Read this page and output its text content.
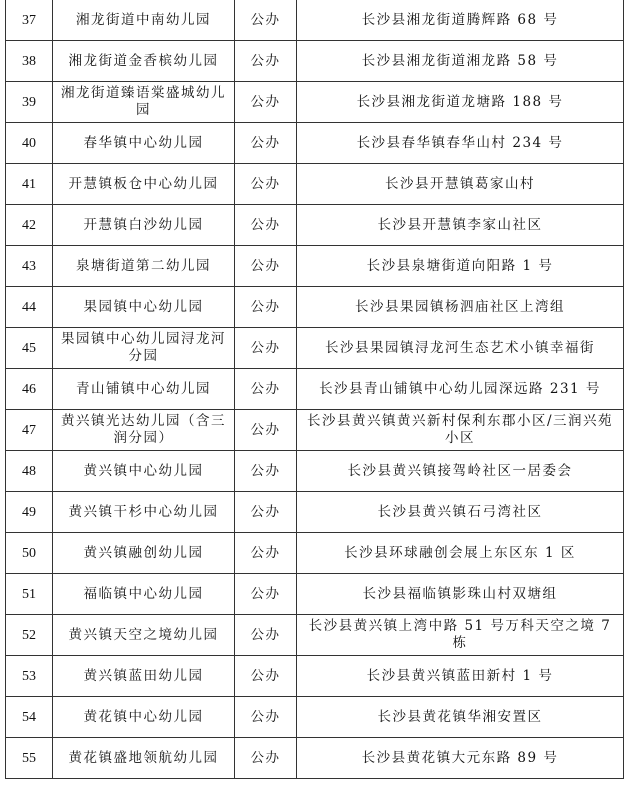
37	湘龙街道中南幼儿园	公办	长沙县湘龙街道腾辉路 68 号
38	湘龙街道金香槟幼儿园	公办	长沙县湘龙街道湘龙路 58 号
39	湘龙街道臻语棠盛城幼儿园	公办	长沙县湘龙街道龙塘路 188 号
40	春华镇中心幼儿园	公办	长沙县春华镇春华山村 234 号
41	开慧镇板仓中心幼儿园	公办	长沙县开慧镇葛家山村
42	开慧镇白沙幼儿园	公办	长沙县开慧镇李家山社区
43	泉塘街道第二幼儿园	公办	长沙县泉塘街道向阳路 1 号
44	果园镇中心幼儿园	公办	长沙县果园镇杨泗庙社区上湾组
45	果园镇中心幼儿园浔龙河分园	公办	长沙县果园镇浔龙河生态艺术小镇幸福街
46	青山铺镇中心幼儿园	公办	长沙县青山铺镇中心幼儿园深远路 231 号
47	黄兴镇光达幼儿园（含三润分园）	公办	长沙县黄兴镇黄兴新村保利东郡小区/三润兴苑小区
48	黄兴镇中心幼儿园	公办	长沙县黄兴镇接驾岭社区一居委会
49	黄兴镇干杉中心幼儿园	公办	长沙县黄兴镇石弓湾社区
50	黄兴镇融创幼儿园	公办	长沙县环球融创会展上东区东 1 区
51	福临镇中心幼儿园	公办	长沙县福临镇影珠山村双塘组
52	黄兴镇天空之境幼儿园	公办	长沙县黄兴镇上湾中路 51 号万科天空之境 7 栋
53	黄兴镇蓝田幼儿园	公办	长沙县黄兴镇蓝田新村 1 号
54	黄花镇中心幼儿园	公办	长沙县黄花镇华湘安置区
55	黄花镇盛地领航幼儿园	公办	长沙县黄花镇大元东路 89 号
